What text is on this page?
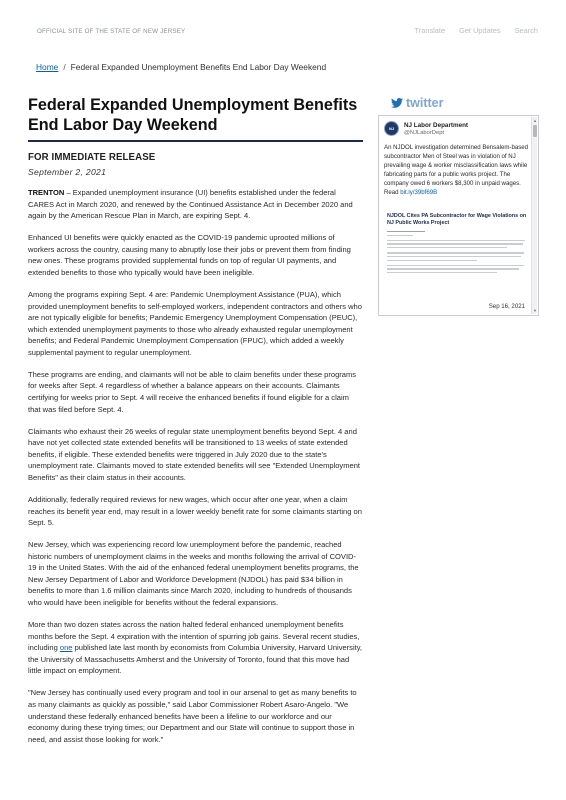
OFFICIAL SITE OF THE STATE OF NEW JERSEY	Translate Get Updates Search
Home / Federal Expanded Unemployment Benefits End Labor Day Weekend
Federal Expanded Unemployment Benefits End Labor Day Weekend
FOR IMMEDIATE RELEASE
September 2, 2021

TRENTON – Expanded unemployment insurance (UI) benefits established under the federal CARES Act in March 2020, and renewed by the Continued Assistance Act in December 2020 and again by the American Rescue Plan in March, are expiring Sept. 4.

Enhanced UI benefits were quickly enacted as the COVID-19 pandemic uprooted millions of workers across the country, causing many to abruptly lose their jobs or prevent them from finding new ones. These programs provided supplemental funds on top of regular UI payments, and extended benefits to those who typically would have been ineligible.

Among the programs expiring Sept. 4 are: Pandemic Unemployment Assistance (PUA), which provided unemployment benefits to self-employed workers, independent contractors and others who are not typically eligible for benefits; Pandemic Emergency Unemployment Compensation (PEUC), which extended unemployment payments to those who already exhausted regular unemployment benefits; and Federal Pandemic Unemployment Compensation (FPUC), which added a weekly supplemental payment to regular unemployment.

These programs are ending, and claimants will not be able to claim benefits under these programs for weeks after Sept. 4 regardless of whether a balance appears on their accounts. Claimants certifying for weeks prior to Sept. 4 will receive the enhanced benefits if found eligible for a claim that was filed before Sept. 4.

Claimants who exhaust their 26 weeks of regular state unemployment benefits beyond Sept. 4 and have not yet collected state extended benefits will be transitioned to 13 weeks of state extended benefits, if eligible. These extended benefits were triggered in July 2020 due to the state's unemployment rate. Claimants moved to state extended benefits will see "Extended Unemployment Benefits" as their claim status in their accounts.

Additionally, federally required reviews for new wages, which occur after one year, when a claim reaches its benefit year end, may result in a lower weekly benefit rate for some claimants starting on Sept. 5.

New Jersey, which was experiencing record low unemployment before the pandemic, reached historic numbers of unemployment claims in the weeks and months following the arrival of COVID-19 in the United States. With the aid of the enhanced federal unemployment benefits programs, the New Jersey Department of Labor and Workforce Development (NJDOL) has paid $34 billion in benefits to more than 1.6 million claimants since March 2020, including to hundreds of thousands who would have been ineligible for benefits without the federal expansions.

More than two dozen states across the nation halted federal enhanced unemployment benefits months before the Sept. 4 expiration with the intention of spurring job gains. Several recent studies, including one published late last month by economists from Columbia University, Harvard University, the University of Massachusetts Amherst and the University of Toronto, found that this move had little impact on employment.

"New Jersey has continually used every program and tool in our arsenal to get as many benefits to as many claimants as quickly as possible," said Labor Commissioner Robert Asaro-Angelo. "We understand these federally enhanced benefits have been a lifeline to our workforce and our economy during these trying times; our Department and our State will continue to support those in need, and assist those looking for work."

twitter
NJ	NJ Labor Department
@NJLaborDept
An NJDOL investigation determined Bensalem-based subcontractor Men of Steel was in violation of NJ prevailing wage & worker misclassification laws while fabricating parts for a public works project. The company owed 6 workers $8,300 in unpaid wages. Read bit.ly/39bf69B
NJDOL Cites PA Subcontractor for Wage Violations on NJ Public Works Project
Sep 16, 2021
▲
▼
